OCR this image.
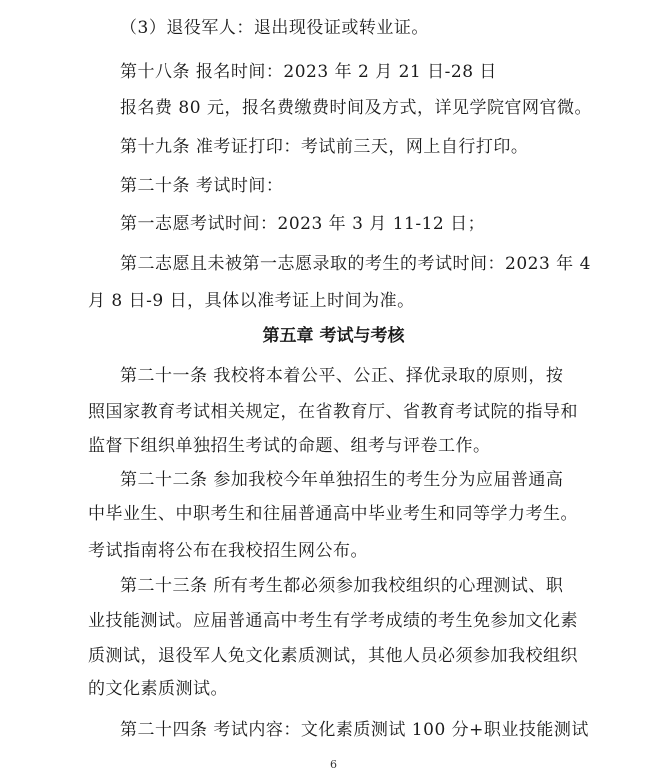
（3）退役军人：退出现役证或转业证。

第十八条 报名时间：2023 年 2 月 21 日-28 日

报名费 80 元，报名费缴费时间及方式，详见学院官网官微。

第十九条 准考证打印：考试前三天，网上自行打印。

第二十条 考试时间：

第一志愿考试时间：2023 年 3 月 11-12 日；

第二志愿且未被第一志愿录取的考生的考试时间：2023 年 4

月 8 日-9 日，具体以准考证上时间为准。

第五章 考试与考核

第二十一条 我校将本着公平、公正、择优录取的原则，按

照国家教育考试相关规定，在省教育厅、省教育考试院的指导和

监督下组织单独招生考试的命题、组考与评卷工作。

第二十二条 参加我校今年单独招生的考生分为应届普通高

中毕业生、中职考生和往届普通高中毕业考生和同等学力考生。

考试指南将公布在我校招生网公布。

第二十三条 所有考生都必须参加我校组织的心理测试、职

业技能测试。应届普通高中考生有学考成绩的考生免参加文化素

质测试，退役军人免文化素质测试，其他人员必须参加我校组织

的文化素质测试。

第二十四条 考试内容：文化素质测试 100 分+职业技能测试

6
